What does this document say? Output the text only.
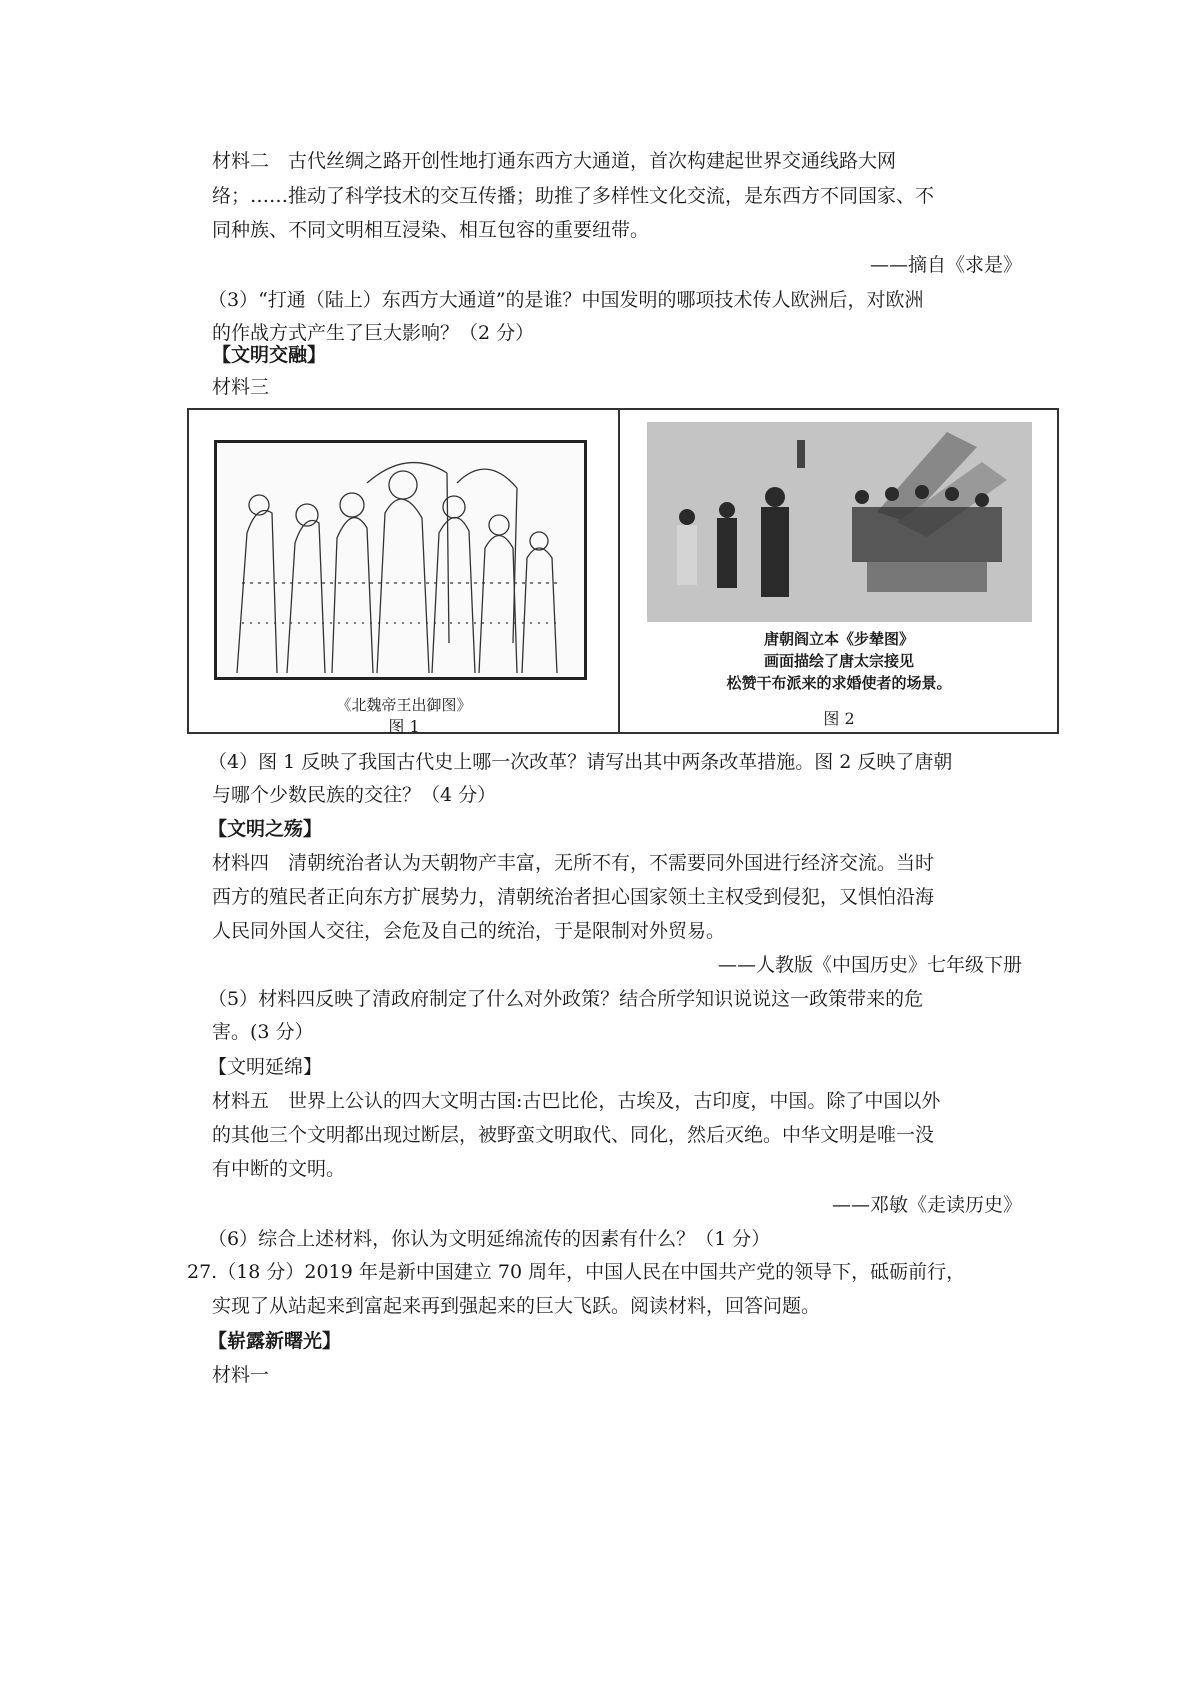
材料二　古代丝绸之路开创性地打通东西方大通道，首次构建起世界交通线路大网
络；……推动了科学技术的交互传播；助推了多样性文化交流，是东西方不同国家、不
同种族、不同文明相互浸染、相互包容的重要纽带。
——摘自《求是》
（3）“打通（陆上）东西方大通道”的是谁？中国发明的哪项技术传人欧洲后，对欧洲
的作战方式产生了巨大影响？（2 分）
【文明交融】
材料三
《北魏帝王出御图》
图 1
唐朝阎立本《步辇图》
画面描绘了唐太宗接见
松赞干布派来的求婚使者的场景。
图 2
（4）图 1 反映了我国古代史上哪一次改革？请写出其中两条改革措施。图 2 反映了唐朝
与哪个少数民族的交往？（4 分）
【文明之殇】
材料四　清朝统治者认为天朝物产丰富，无所不有，不需要同外国进行经济交流。当时
西方的殖民者正向东方扩展势力，清朝统治者担心国家领土主权受到侵犯，又惧怕沿海
人民同外国人交往，会危及自己的统治，于是限制对外贸易。
——人教版《中国历史》七年级下册
（5）材料四反映了清政府制定了什么对外政策？结合所学知识说说这一政策带来的危
害。(3 分）
【文明延绵】
材料五　世界上公认的四大文明古国:古巴比伦，古埃及，古印度，中国。除了中国以外
的其他三个文明都出现过断层，被野蛮文明取代、同化，然后灭绝。中华文明是唯一没
有中断的文明。
——邓敏《走读历史》
（6）综合上述材料，你认为文明延绵流传的因素有什么？（1 分）
27.（18 分）2019 年是新中国建立 70 周年，中国人民在中国共产党的领导下，砥砺前行，
实现了从站起来到富起来再到强起来的巨大飞跃。阅读材料，回答问题。
【崭露新曙光】
材料一
